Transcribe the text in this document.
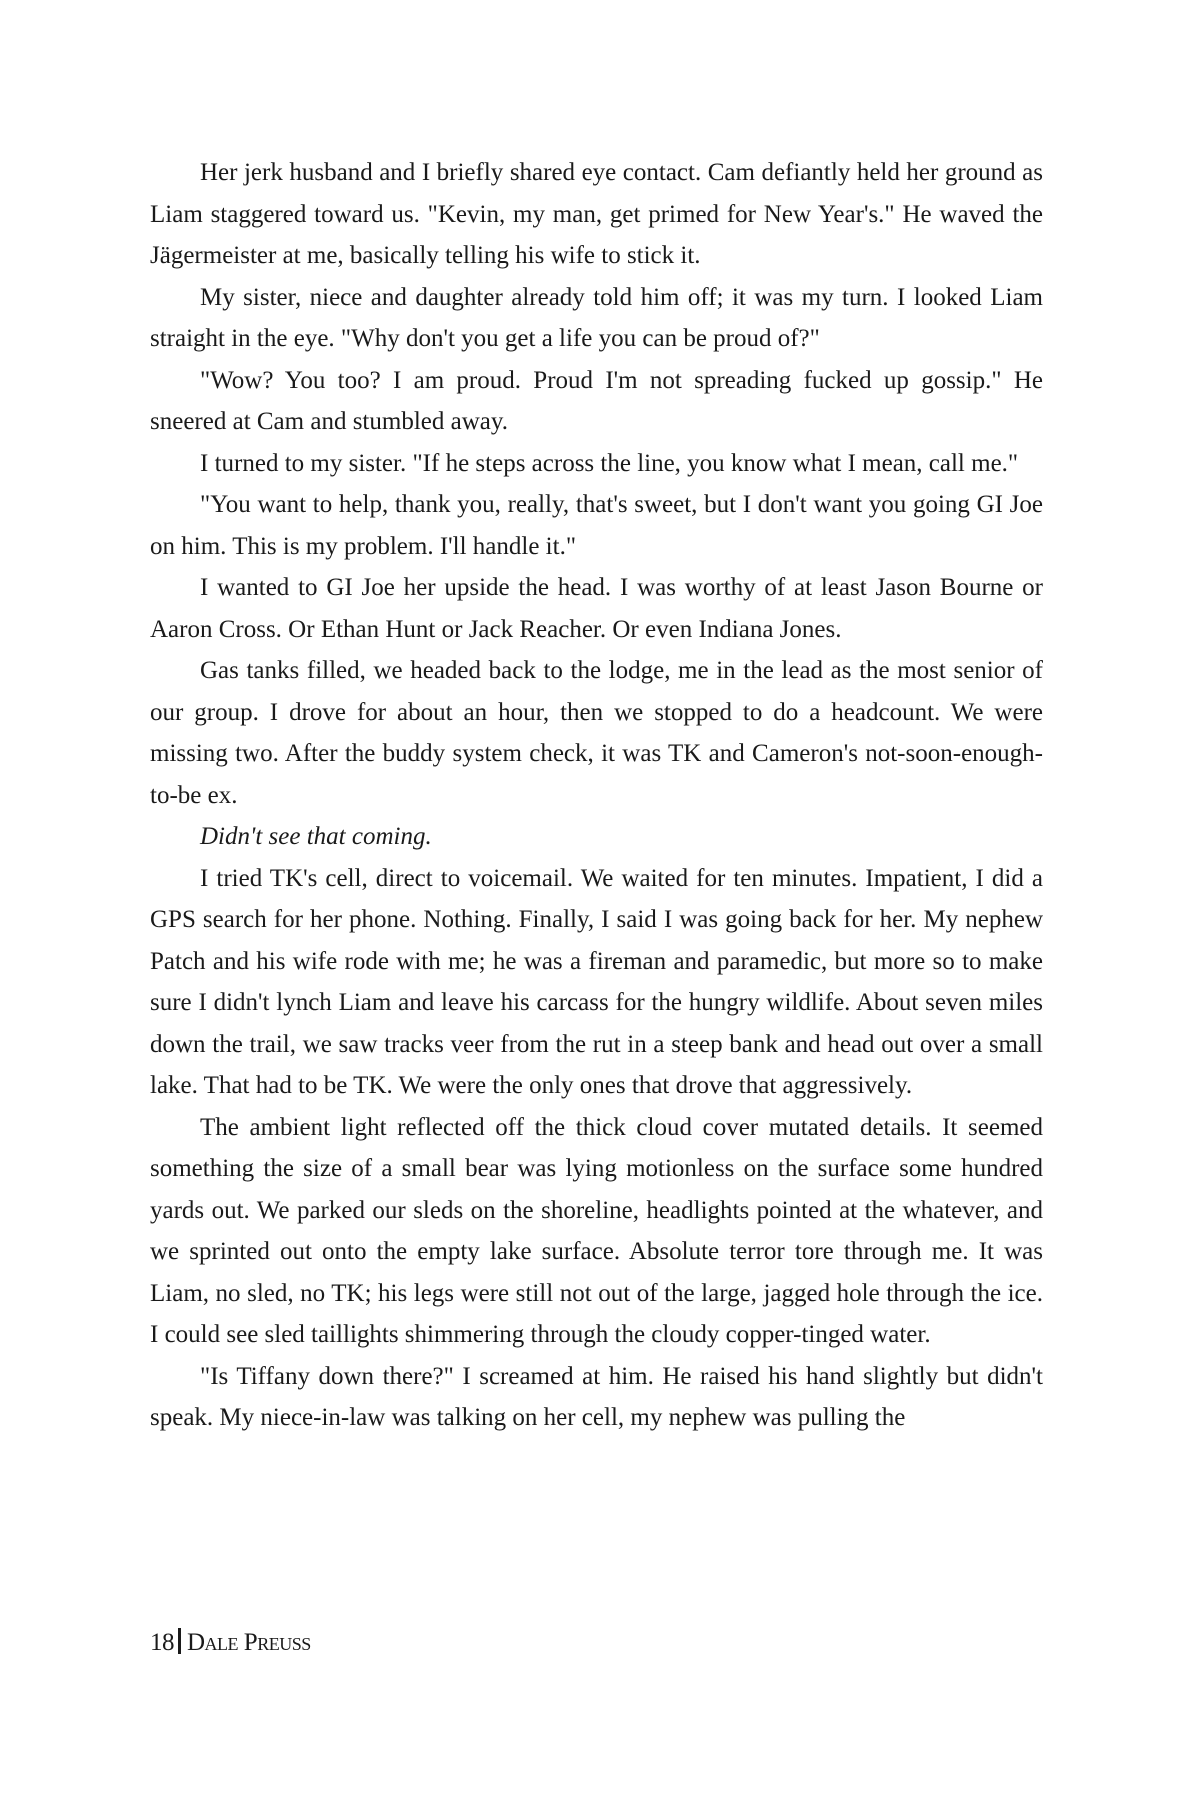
Her jerk husband and I briefly shared eye contact. Cam defiantly held her ground as Liam staggered toward us. "Kevin, my man, get primed for New Year's." He waved the Jägermeister at me, basically telling his wife to stick it.

My sister, niece and daughter already told him off; it was my turn. I looked Liam straight in the eye. "Why don't you get a life you can be proud of?"

"Wow? You too? I am proud. Proud I'm not spreading fucked up gossip." He sneered at Cam and stumbled away.

I turned to my sister. "If he steps across the line, you know what I mean, call me."

"You want to help, thank you, really, that's sweet, but I don't want you going GI Joe on him. This is my problem. I'll handle it."

I wanted to GI Joe her upside the head. I was worthy of at least Jason Bourne or Aaron Cross. Or Ethan Hunt or Jack Reacher. Or even Indiana Jones.

Gas tanks filled, we headed back to the lodge, me in the lead as the most senior of our group. I drove for about an hour, then we stopped to do a headcount. We were missing two. After the buddy system check, it was TK and Cameron's not-soon-enough-to-be ex.

Didn't see that coming.

I tried TK's cell, direct to voicemail. We waited for ten minutes. Impatient, I did a GPS search for her phone. Nothing. Finally, I said I was going back for her. My nephew Patch and his wife rode with me; he was a fireman and paramedic, but more so to make sure I didn't lynch Liam and leave his carcass for the hungry wildlife. About seven miles down the trail, we saw tracks veer from the rut in a steep bank and head out over a small lake. That had to be TK. We were the only ones that drove that aggressively.

The ambient light reflected off the thick cloud cover mutated details. It seemed something the size of a small bear was lying motionless on the surface some hundred yards out. We parked our sleds on the shoreline, headlights pointed at the whatever, and we sprinted out onto the empty lake surface. Absolute terror tore through me. It was Liam, no sled, no TK; his legs were still not out of the large, jagged hole through the ice. I could see sled taillights shimmering through the cloudy copper-tinged water.

"Is Tiffany down there?" I screamed at him. He raised his hand slightly but didn't speak. My niece-in-law was talking on her cell, my nephew was pulling the

18 Dale Preuss
